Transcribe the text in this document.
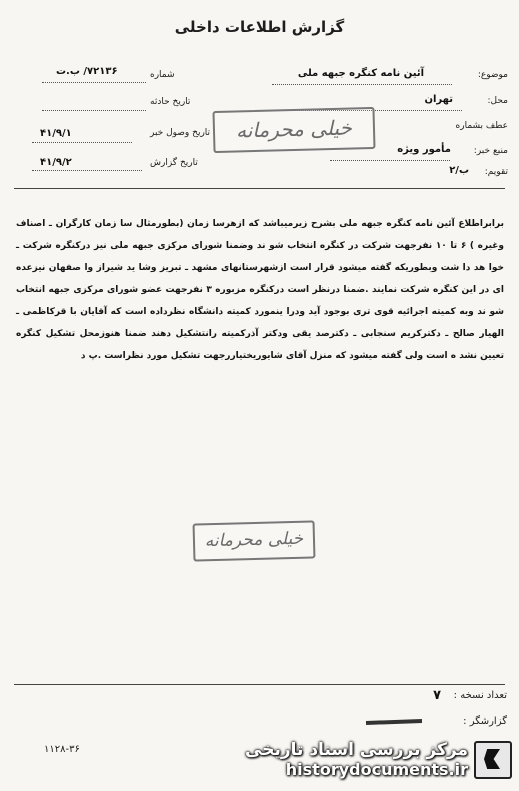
گزارش اطلاعات داخلی
موضوع:
آئین نامه کنگره جبهه ملی
محل:
تهران
عطف بشماره
منبع خبر:
مأمور ویژه
تقویم:
ب/۲
شماره
۷۲۱۳۶/ ب.ت
تاریخ حادثه
تاریخ وصول خبر
۴۱/۹/۱
تاریخ گزارش
۴۱/۹/۲
خیلی محرمانه

برابراطلاع آئین نامه کنگره جبهه ملی بشرح زیرمیباشد که ازهرسا زمان (بطورمثال سا زمان کارگران ـ اصناف وغیره ) ۶ تا ۱۰ نفرجهت شرکت در کنگره انتخاب شو ند وضمنا شورای مرکزی جبهه ملی نیز درکنگره شرکت ـ خوا هد دا شت وبطوریکه گفته میشود قرار است ازشهرستانهای مشهد ـ تبریز وشا ید شیراز وا صفهان نیزعده ای در این کنگره شرکت نمایند .ضمنا درنظر است درکنگره مزبوره ۳ نفرجهت عضو شورای مرکزی جبهه انتخاب شو ند وبه کمیته اجرائیه قوی تری بوجود آید ودرا ینمورد کمیته دانشگاه نظرداده است که آقایان با قرکاظمی ـ الهیار صالح ـ دکترکریم سنجابی ـ دکترصد یقی ودکتر آذرکمیته رانتشکیل دهند ضمنا هنوزمحل تشکیل کنگره تعیین نشد ه است ولی گفته میشود که منزل آقای شایوریختیاررجهت تشکیل مورد نظراست .پ د

خیلی محرمانه
تعداد نسخه :
۷
گزارشگر :
۱۱۲۸-۳۶	مرکز بررسی اسناد تاریخی
historydocuments.ir
